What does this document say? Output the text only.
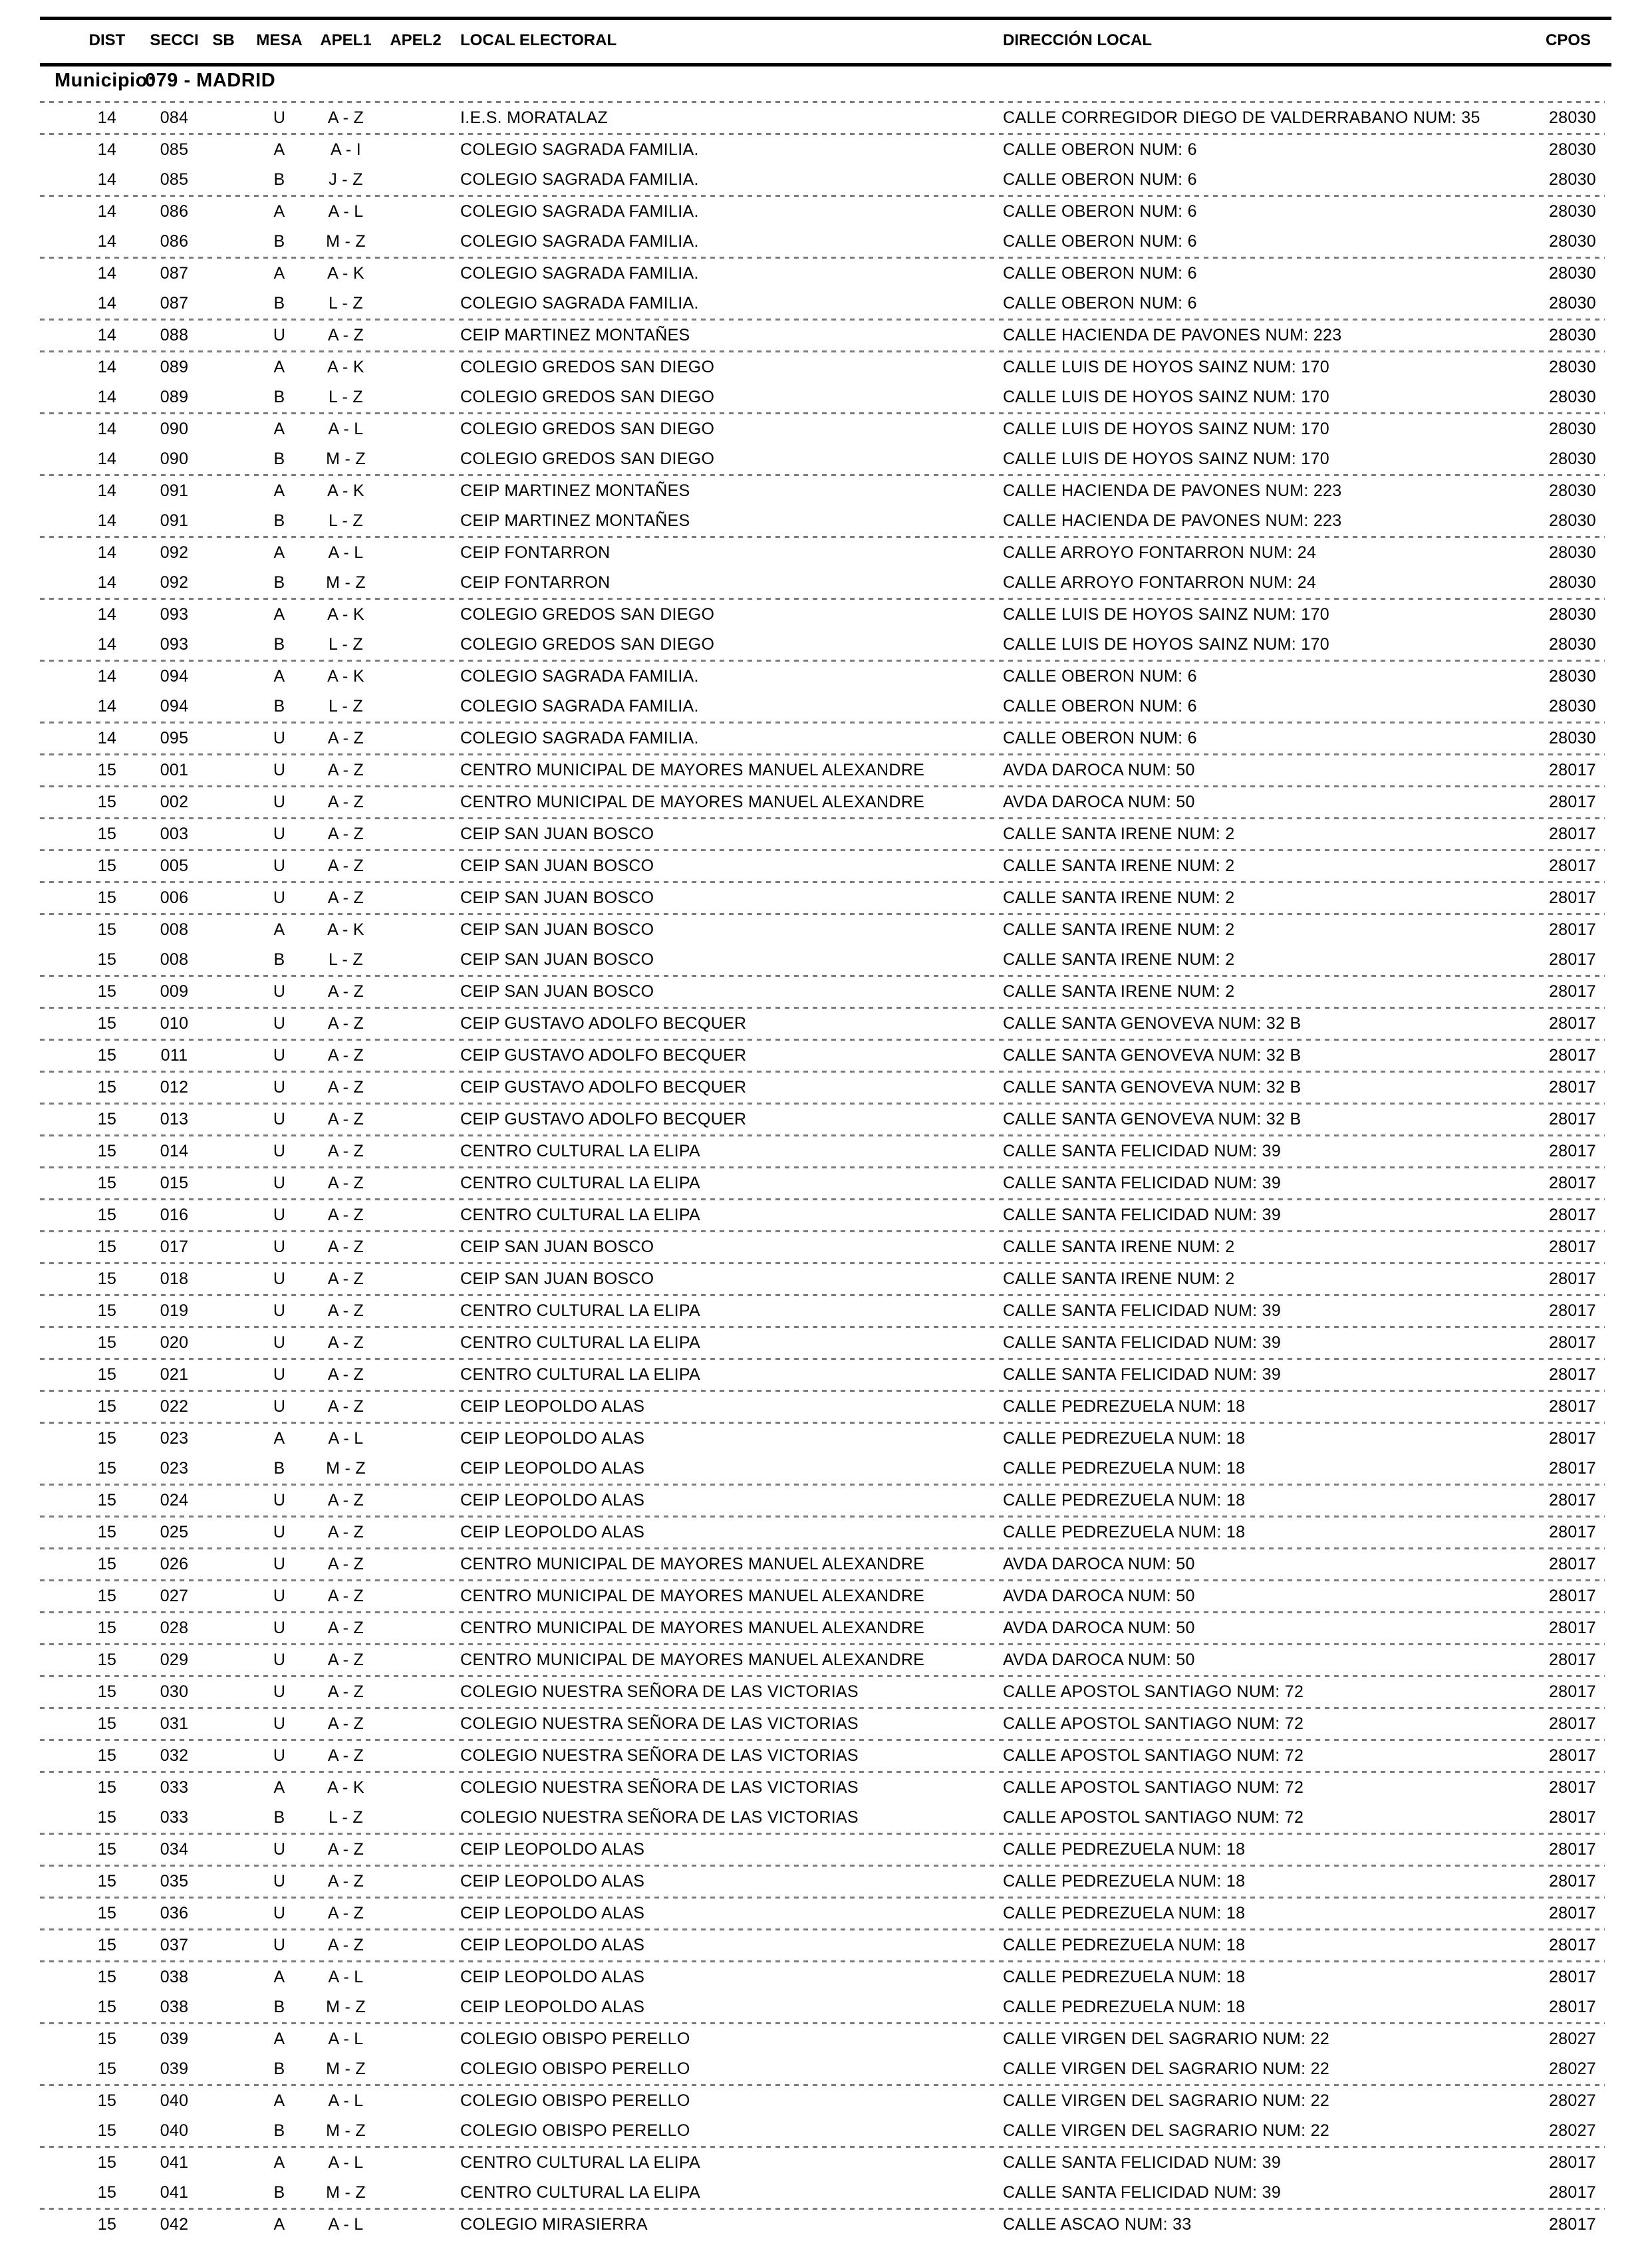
DIST	SECCI SB	MESA	APEL1	APEL2	LOCAL ELECTORAL	DIRECCIÓN LOCAL	CPOS
Municipio:
079 - MADRID
14	084	U	A - Z	I.E.S. MORATALAZ	CALLE CORREGIDOR DIEGO DE VALDERRABANO NUM: 35	28030
14	085	A	A - I	COLEGIO SAGRADA FAMILIA.	CALLE OBERON NUM: 6	28030
14	085	B	J - Z	COLEGIO SAGRADA FAMILIA.	CALLE OBERON NUM: 6	28030
14	086	A	A - L	COLEGIO SAGRADA FAMILIA.	CALLE OBERON NUM: 6	28030
14	086	B	M - Z	COLEGIO SAGRADA FAMILIA.	CALLE OBERON NUM: 6	28030
14	087	A	A - K	COLEGIO SAGRADA FAMILIA.	CALLE OBERON NUM: 6	28030
14	087	B	L - Z	COLEGIO SAGRADA FAMILIA.	CALLE OBERON NUM: 6	28030
14	088	U	A - Z	CEIP MARTINEZ MONTAÑES	CALLE HACIENDA DE PAVONES NUM: 223	28030
14	089	A	A - K	COLEGIO GREDOS SAN DIEGO	CALLE LUIS DE HOYOS SAINZ NUM: 170	28030
14	089	B	L - Z	COLEGIO GREDOS SAN DIEGO	CALLE LUIS DE HOYOS SAINZ NUM: 170	28030
14	090	A	A - L	COLEGIO GREDOS SAN DIEGO	CALLE LUIS DE HOYOS SAINZ NUM: 170	28030
14	090	B	M - Z	COLEGIO GREDOS SAN DIEGO	CALLE LUIS DE HOYOS SAINZ NUM: 170	28030
14	091	A	A - K	CEIP MARTINEZ MONTAÑES	CALLE HACIENDA DE PAVONES NUM: 223	28030
14	091	B	L - Z	CEIP MARTINEZ MONTAÑES	CALLE HACIENDA DE PAVONES NUM: 223	28030
14	092	A	A - L	CEIP FONTARRON	CALLE ARROYO FONTARRON NUM: 24	28030
14	092	B	M - Z	CEIP FONTARRON	CALLE ARROYO FONTARRON NUM: 24	28030
14	093	A	A - K	COLEGIO GREDOS SAN DIEGO	CALLE LUIS DE HOYOS SAINZ NUM: 170	28030
14	093	B	L - Z	COLEGIO GREDOS SAN DIEGO	CALLE LUIS DE HOYOS SAINZ NUM: 170	28030
14	094	A	A - K	COLEGIO SAGRADA FAMILIA.	CALLE OBERON NUM: 6	28030
14	094	B	L - Z	COLEGIO SAGRADA FAMILIA.	CALLE OBERON NUM: 6	28030
14	095	U	A - Z	COLEGIO SAGRADA FAMILIA.	CALLE OBERON NUM: 6	28030
15	001	U	A - Z	CENTRO MUNICIPAL DE MAYORES MANUEL ALEXANDRE	AVDA DAROCA NUM: 50	28017
15	002	U	A - Z	CENTRO MUNICIPAL DE MAYORES MANUEL ALEXANDRE	AVDA DAROCA NUM: 50	28017
15	003	U	A - Z	CEIP SAN JUAN BOSCO	CALLE SANTA IRENE NUM: 2	28017
15	005	U	A - Z	CEIP SAN JUAN BOSCO	CALLE SANTA IRENE NUM: 2	28017
15	006	U	A - Z	CEIP SAN JUAN BOSCO	CALLE SANTA IRENE NUM: 2	28017
15	008	A	A - K	CEIP SAN JUAN BOSCO	CALLE SANTA IRENE NUM: 2	28017
15	008	B	L - Z	CEIP SAN JUAN BOSCO	CALLE SANTA IRENE NUM: 2	28017
15	009	U	A - Z	CEIP SAN JUAN BOSCO	CALLE SANTA IRENE NUM: 2	28017
15	010	U	A - Z	CEIP GUSTAVO ADOLFO BECQUER	CALLE SANTA GENOVEVA NUM: 32 B	28017
15	011	U	A - Z	CEIP GUSTAVO ADOLFO BECQUER	CALLE SANTA GENOVEVA NUM: 32 B	28017
15	012	U	A - Z	CEIP GUSTAVO ADOLFO BECQUER	CALLE SANTA GENOVEVA NUM: 32 B	28017
15	013	U	A - Z	CEIP GUSTAVO ADOLFO BECQUER	CALLE SANTA GENOVEVA NUM: 32 B	28017
15	014	U	A - Z	CENTRO CULTURAL LA ELIPA	CALLE SANTA FELICIDAD NUM: 39	28017
15	015	U	A - Z	CENTRO CULTURAL LA ELIPA	CALLE SANTA FELICIDAD NUM: 39	28017
15	016	U	A - Z	CENTRO CULTURAL LA ELIPA	CALLE SANTA FELICIDAD NUM: 39	28017
15	017	U	A - Z	CEIP SAN JUAN BOSCO	CALLE SANTA IRENE NUM: 2	28017
15	018	U	A - Z	CEIP SAN JUAN BOSCO	CALLE SANTA IRENE NUM: 2	28017
15	019	U	A - Z	CENTRO CULTURAL LA ELIPA	CALLE SANTA FELICIDAD NUM: 39	28017
15	020	U	A - Z	CENTRO CULTURAL LA ELIPA	CALLE SANTA FELICIDAD NUM: 39	28017
15	021	U	A - Z	CENTRO CULTURAL LA ELIPA	CALLE SANTA FELICIDAD NUM: 39	28017
15	022	U	A - Z	CEIP LEOPOLDO ALAS	CALLE PEDREZUELA NUM: 18	28017
15	023	A	A - L	CEIP LEOPOLDO ALAS	CALLE PEDREZUELA NUM: 18	28017
15	023	B	M - Z	CEIP LEOPOLDO ALAS	CALLE PEDREZUELA NUM: 18	28017
15	024	U	A - Z	CEIP LEOPOLDO ALAS	CALLE PEDREZUELA NUM: 18	28017
15	025	U	A - Z	CEIP LEOPOLDO ALAS	CALLE PEDREZUELA NUM: 18	28017
15	026	U	A - Z	CENTRO MUNICIPAL DE MAYORES MANUEL ALEXANDRE	AVDA DAROCA NUM: 50	28017
15	027	U	A - Z	CENTRO MUNICIPAL DE MAYORES MANUEL ALEXANDRE	AVDA DAROCA NUM: 50	28017
15	028	U	A - Z	CENTRO MUNICIPAL DE MAYORES MANUEL ALEXANDRE	AVDA DAROCA NUM: 50	28017
15	029	U	A - Z	CENTRO MUNICIPAL DE MAYORES MANUEL ALEXANDRE	AVDA DAROCA NUM: 50	28017
15	030	U	A - Z	COLEGIO NUESTRA SEÑORA DE LAS VICTORIAS	CALLE APOSTOL SANTIAGO NUM: 72	28017
15	031	U	A - Z	COLEGIO NUESTRA SEÑORA DE LAS VICTORIAS	CALLE APOSTOL SANTIAGO NUM: 72	28017
15	032	U	A - Z	COLEGIO NUESTRA SEÑORA DE LAS VICTORIAS	CALLE APOSTOL SANTIAGO NUM: 72	28017
15	033	A	A - K	COLEGIO NUESTRA SEÑORA DE LAS VICTORIAS	CALLE APOSTOL SANTIAGO NUM: 72	28017
15	033	B	L - Z	COLEGIO NUESTRA SEÑORA DE LAS VICTORIAS	CALLE APOSTOL SANTIAGO NUM: 72	28017
15	034	U	A - Z	CEIP LEOPOLDO ALAS	CALLE PEDREZUELA NUM: 18	28017
15	035	U	A - Z	CEIP LEOPOLDO ALAS	CALLE PEDREZUELA NUM: 18	28017
15	036	U	A - Z	CEIP LEOPOLDO ALAS	CALLE PEDREZUELA NUM: 18	28017
15	037	U	A - Z	CEIP LEOPOLDO ALAS	CALLE PEDREZUELA NUM: 18	28017
15	038	A	A - L	CEIP LEOPOLDO ALAS	CALLE PEDREZUELA NUM: 18	28017
15	038	B	M - Z	CEIP LEOPOLDO ALAS	CALLE PEDREZUELA NUM: 18	28017
15	039	A	A - L	COLEGIO OBISPO PERELLO	CALLE VIRGEN DEL SAGRARIO NUM: 22	28027
15	039	B	M - Z	COLEGIO OBISPO PERELLO	CALLE VIRGEN DEL SAGRARIO NUM: 22	28027
15	040	A	A - L	COLEGIO OBISPO PERELLO	CALLE VIRGEN DEL SAGRARIO NUM: 22	28027
15	040	B	M - Z	COLEGIO OBISPO PERELLO	CALLE VIRGEN DEL SAGRARIO NUM: 22	28027
15	041	A	A - L	CENTRO CULTURAL LA ELIPA	CALLE SANTA FELICIDAD NUM: 39	28017
15	041	B	M - Z	CENTRO CULTURAL LA ELIPA	CALLE SANTA FELICIDAD NUM: 39	28017
15	042	A	A - L	COLEGIO MIRASIERRA	CALLE ASCAO NUM: 33	28017
